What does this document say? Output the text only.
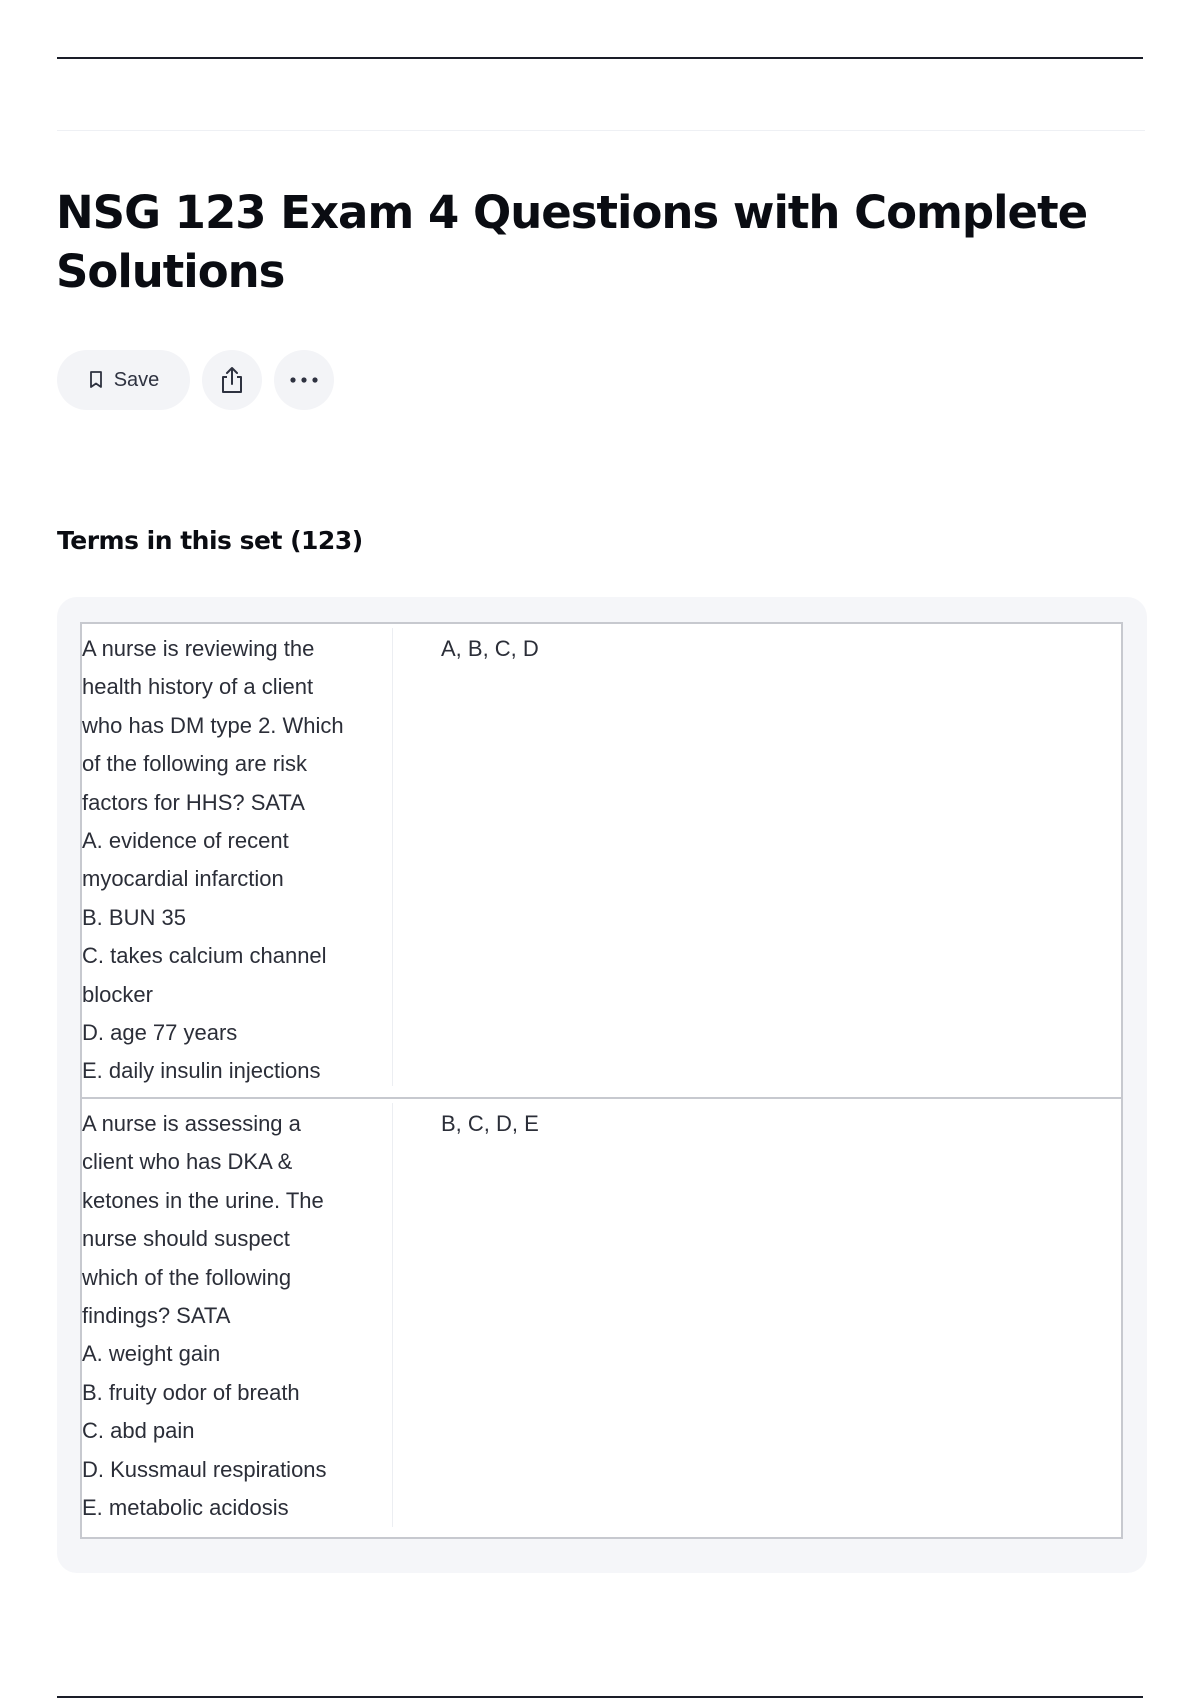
NSG 123 Exam 4 Questions with Complete Solutions
Save
Terms in this set (123)
A nurse is reviewing the
health history of a client
who has DM type 2. Which
of the following are risk
factors for HHS? SATA
A. evidence of recent
myocardial infarction
B. BUN 35
C. takes calcium channel
blocker
D. age 77 years
E. daily insulin injections
A, B, C, D
A nurse is assessing a
client who has DKA &
ketones in the urine. The
nurse should suspect
which of the following
findings? SATA
A. weight gain
B. fruity odor of breath
C. abd pain
D. Kussmaul respirations
E. metabolic acidosis
B, C, D, E
